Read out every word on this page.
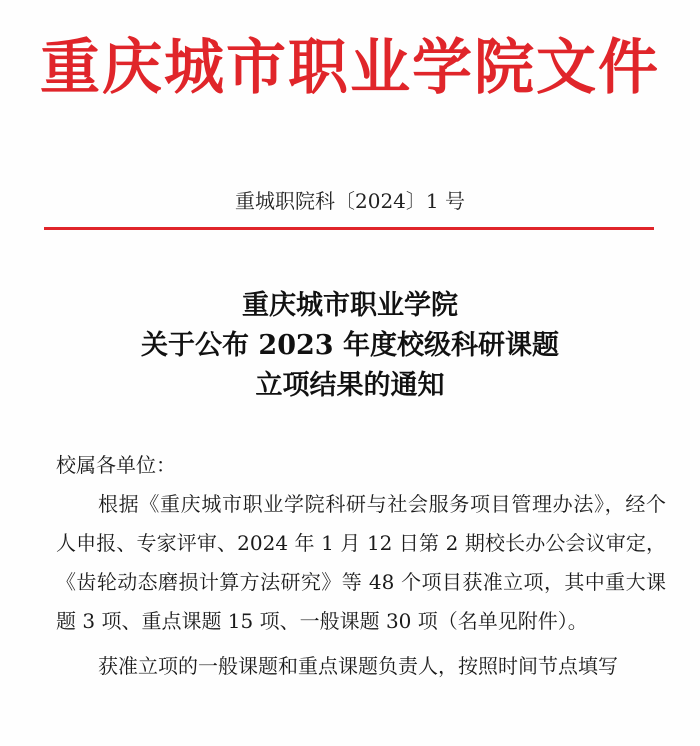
重庆城市职业学院文件
重城职院科〔2024〕1 号
重庆城市职业学院
关于公布 2023 年度校级科研课题
立项结果的通知

校属各单位：

根据《重庆城市职业学院科研与社会服务项目管理办法》，经个人申报、专家评审、2024 年 1 月 12 日第 2 期校长办公会议审定，《齿轮动态磨损计算方法研究》等 48 个项目获准立项，其中重大课题 3 项、重点课题 15 项、一般课题 30 项（名单见附件）。

获准立项的一般课题和重点课题负责人，按照时间节点填写
